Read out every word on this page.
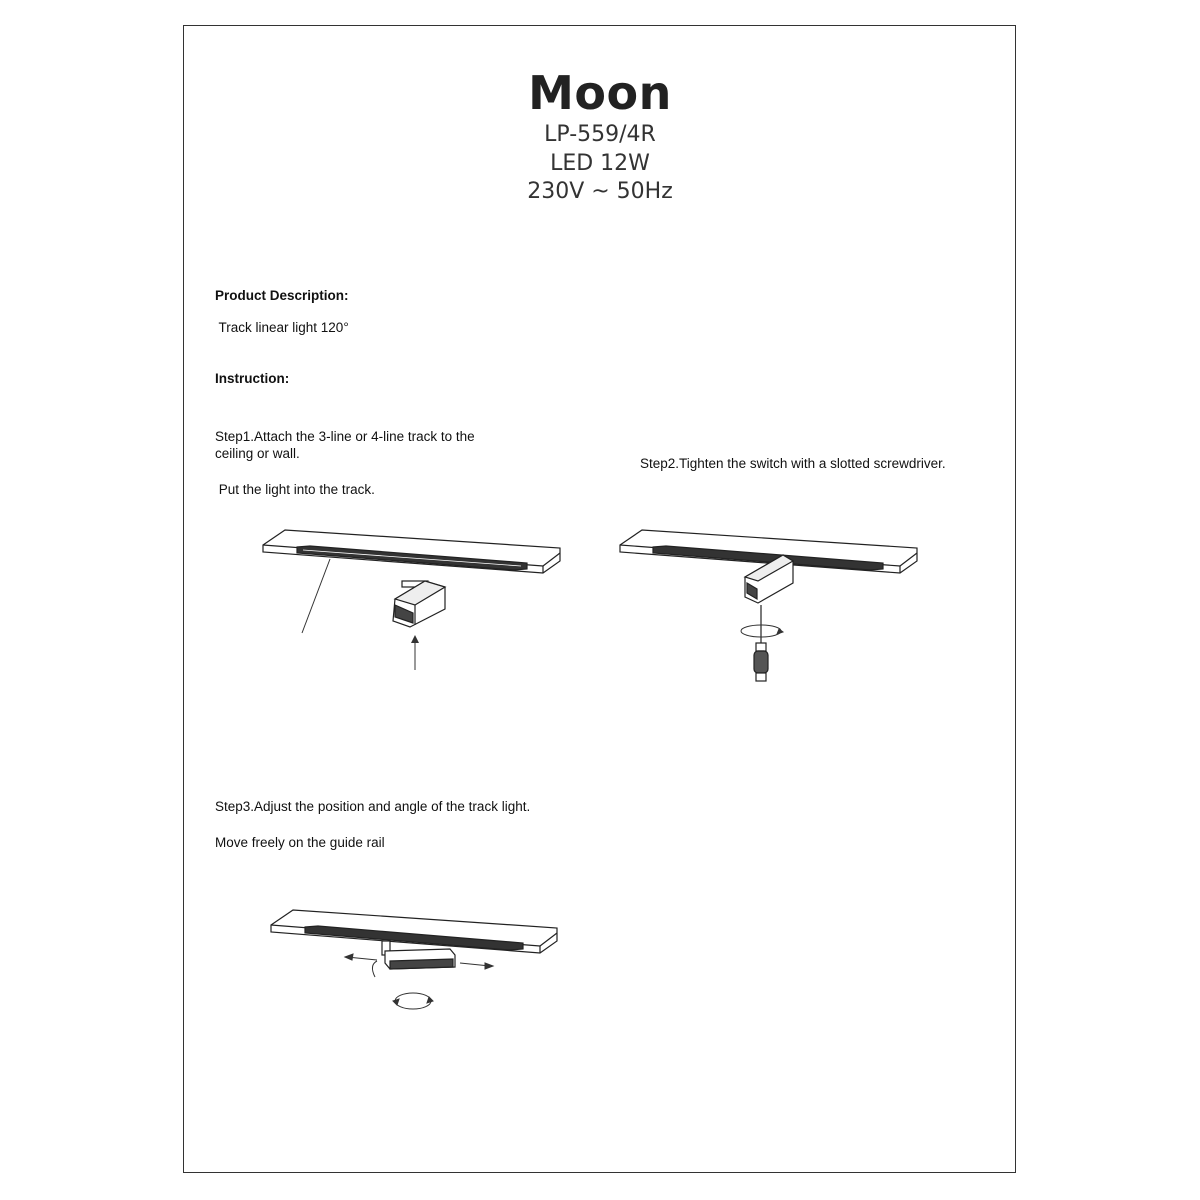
Moon
LP-559/4R
LED 12W
230V ~ 50Hz
Product Description:
Track linear light 120°
Instruction:
Step1.Attach the 3-line or 4-line track to the
ceiling or wall.
Put the light into the track.
Step2.Tighten the switch with a slotted screwdriver.
Step3.Adjust the position and angle of the track light.
Move freely on the guide rail
